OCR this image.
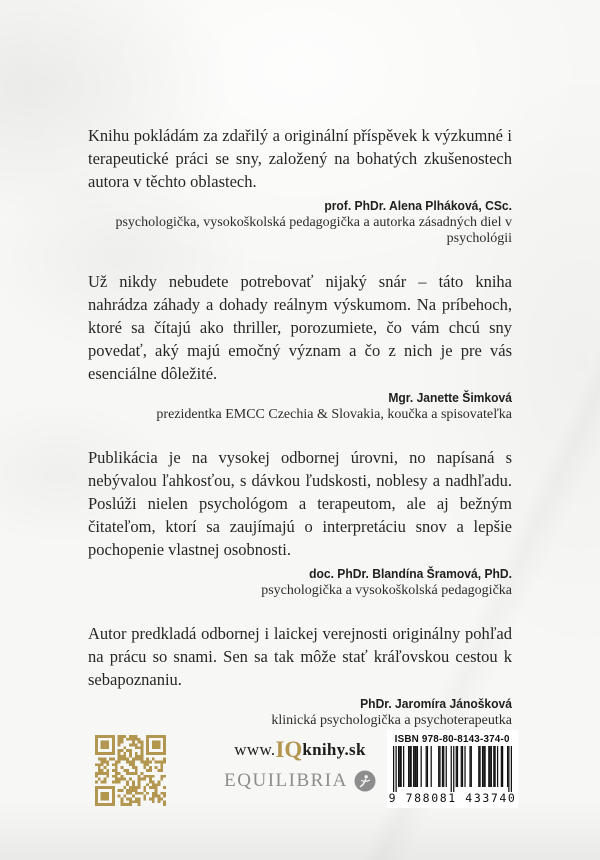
Knihu pokládám za zdařilý a originální příspěvek k výzkumné i terapeutické práci se sny, založený na bohatých zkušenostech autora v těchto oblastech.

prof. PhDr. Alena Plháková, CSc.
psychologička, vysokoškolská pedagogička a autorka zásadných diel v psychológii

Už nikdy nebudete potrebovať nijaký snár – táto kniha nahrádza záhady a dohady reálnym výskumom. Na príbehoch, ktoré sa čítajú ako thriller, porozumiete, čo vám chcú sny povedať, aký majú emočný význam a čo z nich je pre vás esenciálne dôležité.

Mgr. Janette Šimková
prezidentka EMCC Czechia & Slovakia, koučka a spisovateľka

Publikácia je na vysokej odbornej úrovni, no napísaná s nebývalou ľahkosťou, s dávkou ľudskosti, noblesy a nadhľadu. Poslúži nielen psychológom a terapeutom, ale aj bežným čitateľom, ktorí sa zaujímajú o interpretáciu snov a lepšie pochopenie vlastnej osobnosti.

doc. PhDr. Blandína Šramová, PhD.
psychologička a vysokoškolská pedagogička

Autor predkladá odbornej i laickej verejnosti originálny pohľad na prácu so snami. Sen sa tak môže stať kráľovskou cestou k sebapoznaniu.

PhDr. Jaromíra Jánošková
klinická psychologička a psychoterapeutka
www.IQknihy.sk
EQUILIBRIA
ISBN 978-80-8143-374-0
9 788081 433740
